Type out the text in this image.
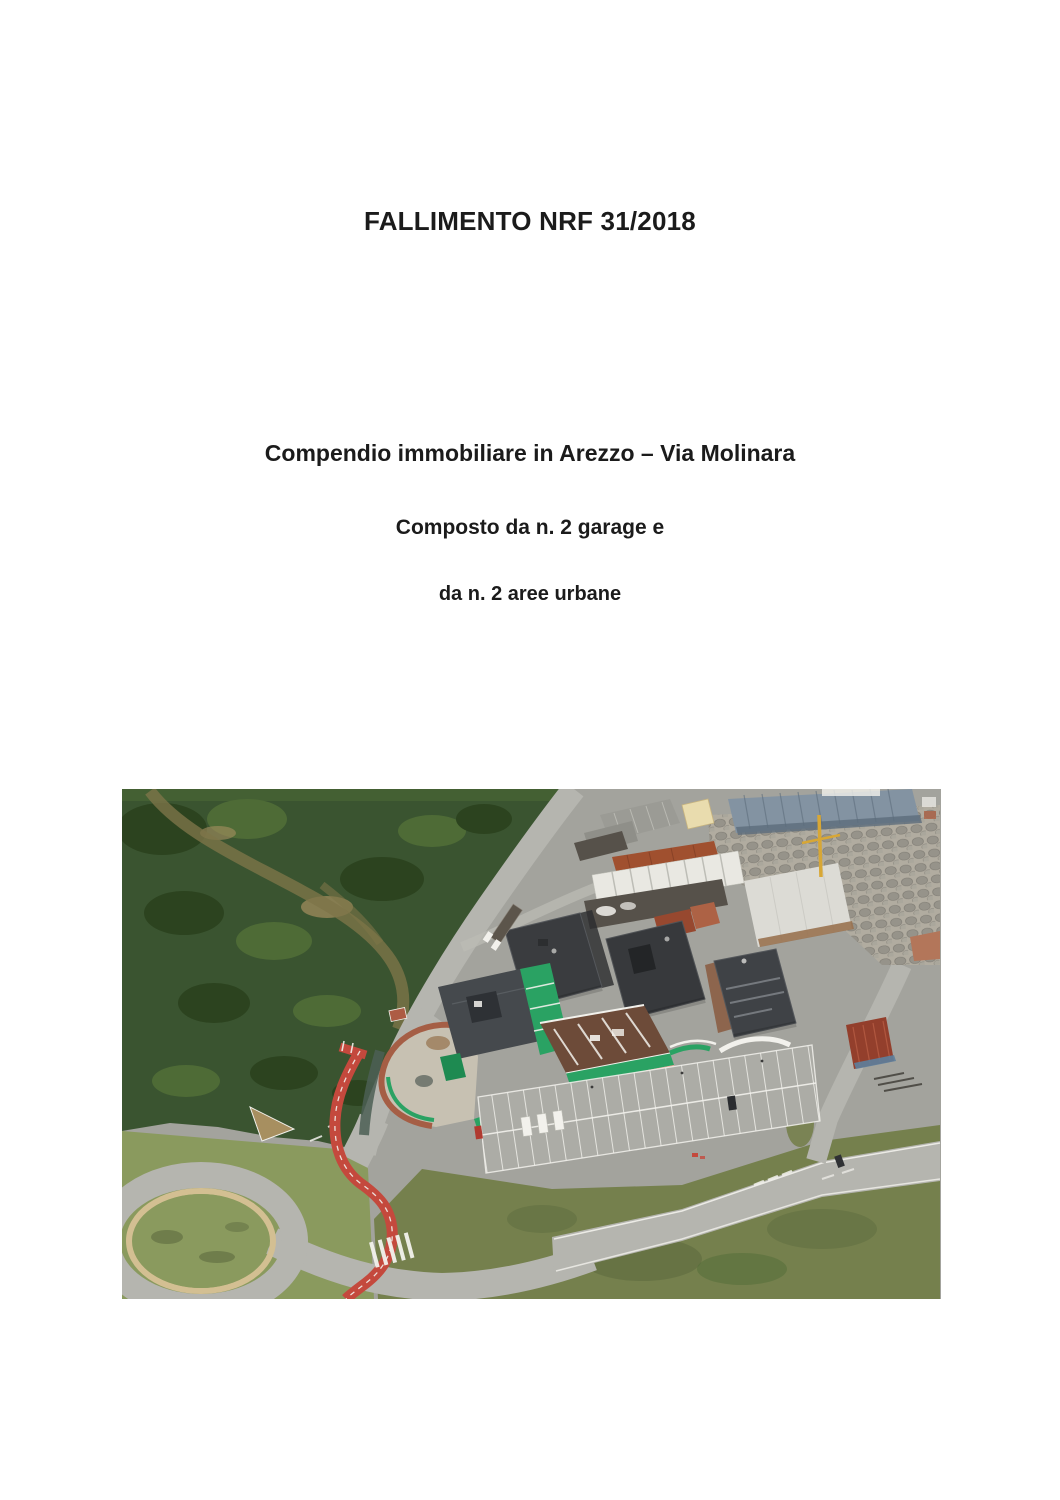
FALLIMENTO NRF 31/2018
Compendio immobiliare in Arezzo – Via Molinara

Composto da n. 2 garage e

da n. 2 aree urbane
